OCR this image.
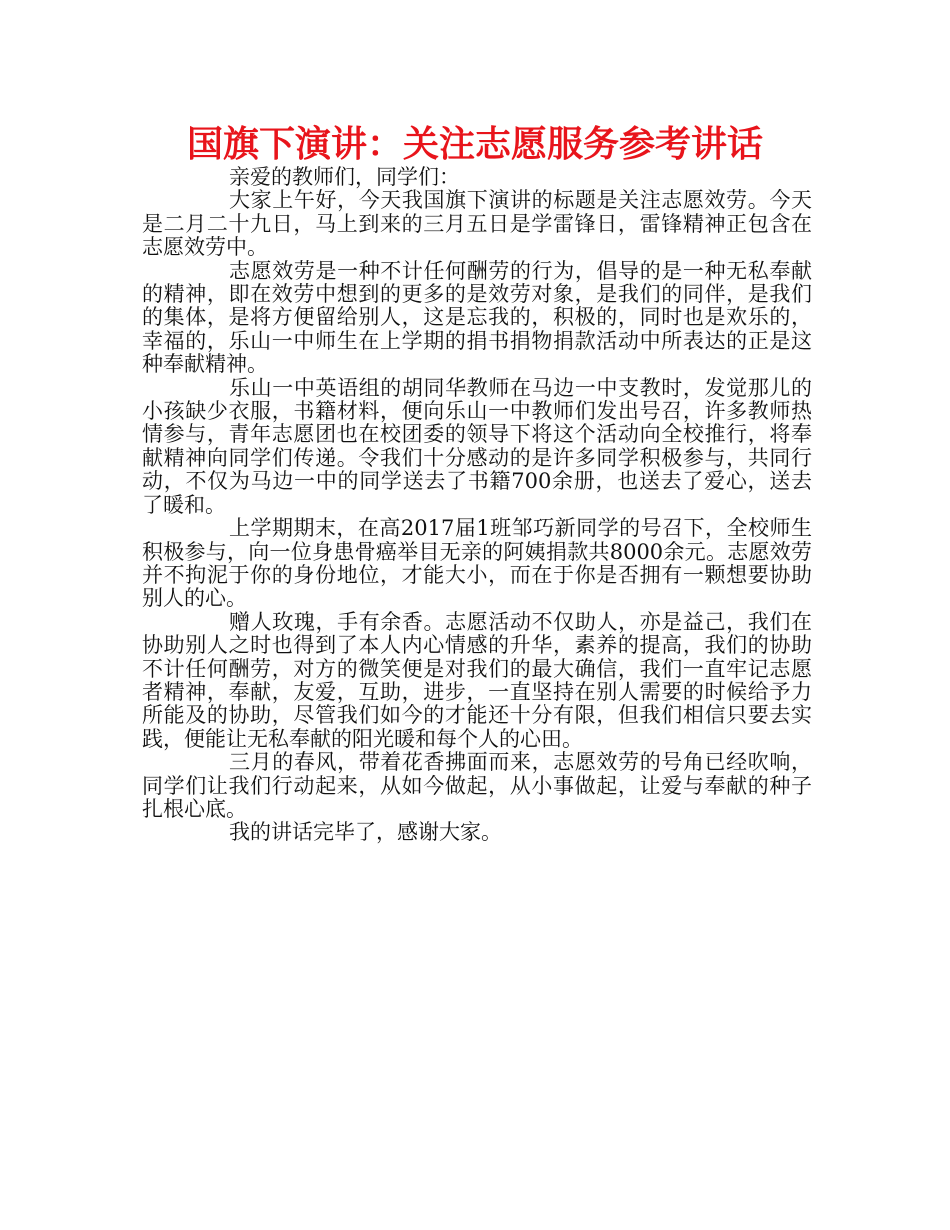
国旗下演讲：关注志愿服务参考讲话

亲爱的教师们，同学们：

大家上午好，今天我国旗下演讲的标题是关注志愿效劳。今天是二月二十九日，马上到来的三月五日是学雷锋日，雷锋精神正包含在志愿效劳中。

志愿效劳是一种不计任何酬劳的行为，倡导的是一种无私奉献的精神，即在效劳中想到的更多的是效劳对象，是我们的同伴，是我们的集体，是将方便留给别人，这是忘我的，积极的，同时也是欢乐的，幸福的，乐山一中师生在上学期的捐书捐物捐款活动中所表达的正是这种奉献精神。

乐山一中英语组的胡同华教师在马边一中支教时，发觉那儿的小孩缺少衣服，书籍材料，便向乐山一中教师们发出号召，许多教师热情参与，青年志愿团也在校团委的领导下将这个活动向全校推行，将奉献精神向同学们传递。令我们十分感动的是许多同学积极参与，共同行动，不仅为马边一中的同学送去了书籍700余册，也送去了爱心，送去了暖和。

上学期期末，在高2017届1班邹巧新同学的号召下，全校师生积极参与，向一位身患骨癌举目无亲的阿姨捐款共8000余元。志愿效劳并不拘泥于你的身份地位，才能大小，而在于你是否拥有一颗想要协助别人的心。

赠人玫瑰，手有余香。志愿活动不仅助人，亦是益己，我们在协助别人之时也得到了本人内心情感的升华，素养的提高，我们的协助不计任何酬劳，对方的微笑便是对我们的最大确信，我们一直牢记志愿者精神，奉献，友爱，互助，进步，一直坚持在别人需要的时候给予力所能及的协助，尽管我们如今的才能还十分有限，但我们相信只要去实践，便能让无私奉献的阳光暖和每个人的心田。

三月的春风，带着花香拂面而来，志愿效劳的号角已经吹响，同学们让我们行动起来，从如今做起，从小事做起，让爱与奉献的种子扎根心底。

我的讲话完毕了，感谢大家。
